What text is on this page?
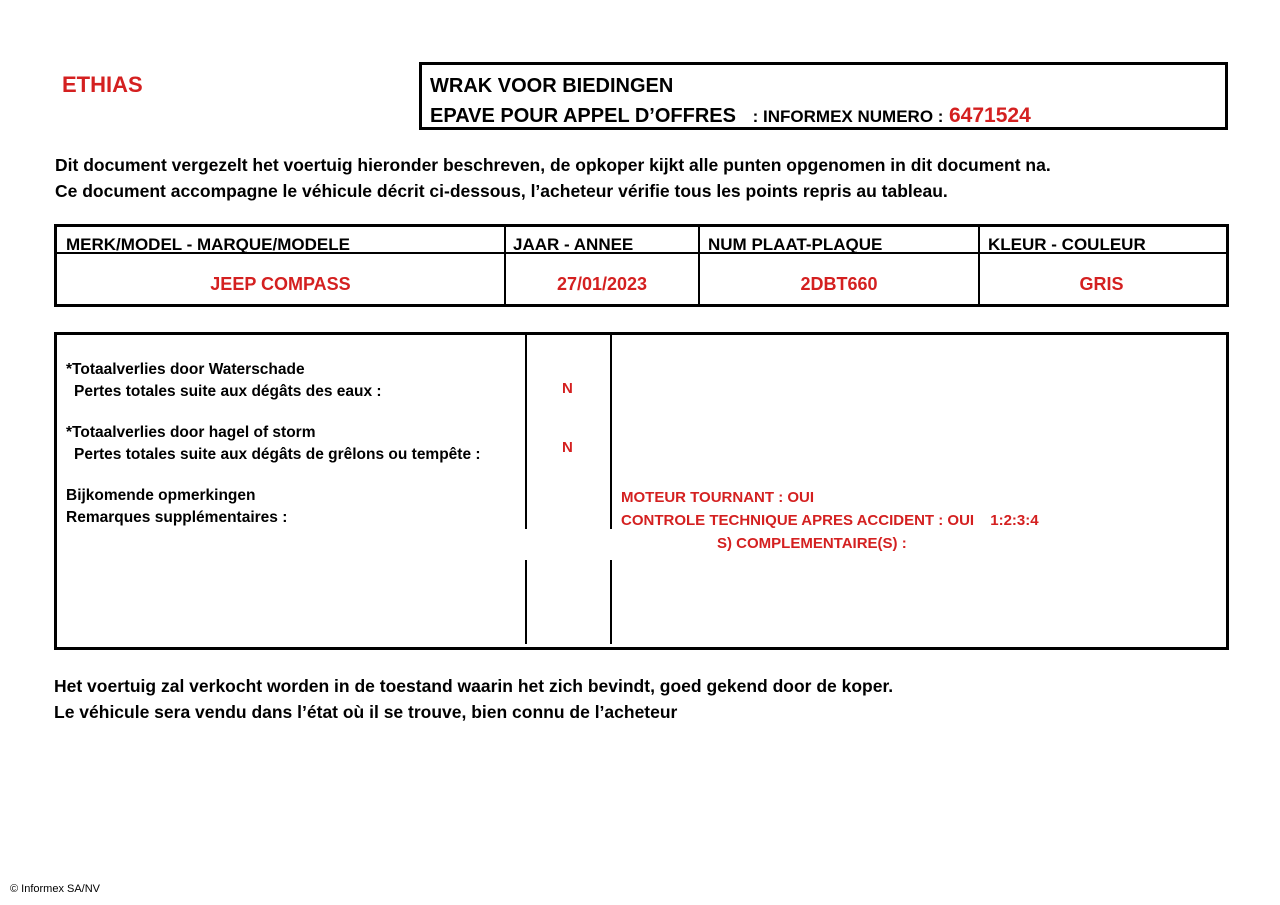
ETHIAS	WRAK VOOR BIEDINGEN
EPAVE POUR APPEL D’OFFRES : INFORMEX NUMERO : 6471524
Dit document vergezelt het voertuig hieronder beschreven, de opkoper kijkt alle punten opgenomen in dit document na.
Ce document accompagne le véhicule décrit ci-dessous, l’acheteur vérifie tous les points repris au tableau.
MERK/MODEL - MARQUE/MODELE	JAAR - ANNEE	NUM PLAAT-PLAQUE	KLEUR - COULEUR
JEEP COMPASS	27/01/2023	2DBT660	GRIS
*Totaalverlies door Waterschade
Pertes totales suite aux dégâts des eaux :	N
*Totaalverlies door hagel of storm
Pertes totales suite aux dégâts de grêlons ou tempête :	N
Bijkomende opmerkingen
Remarques supplémentaires :
MOTEUR TOURNANT : OUI
CONTROLE TECHNIQUE APRES ACCIDENT : OUI 1:2:3:4
S) COMPLEMENTAIRE(S) :
Het voertuig zal verkocht worden in de toestand waarin het zich bevindt, goed gekend door de koper.
Le véhicule sera vendu dans l’état où il se trouve, bien connu de l’acheteur
© Informex SA/NV
